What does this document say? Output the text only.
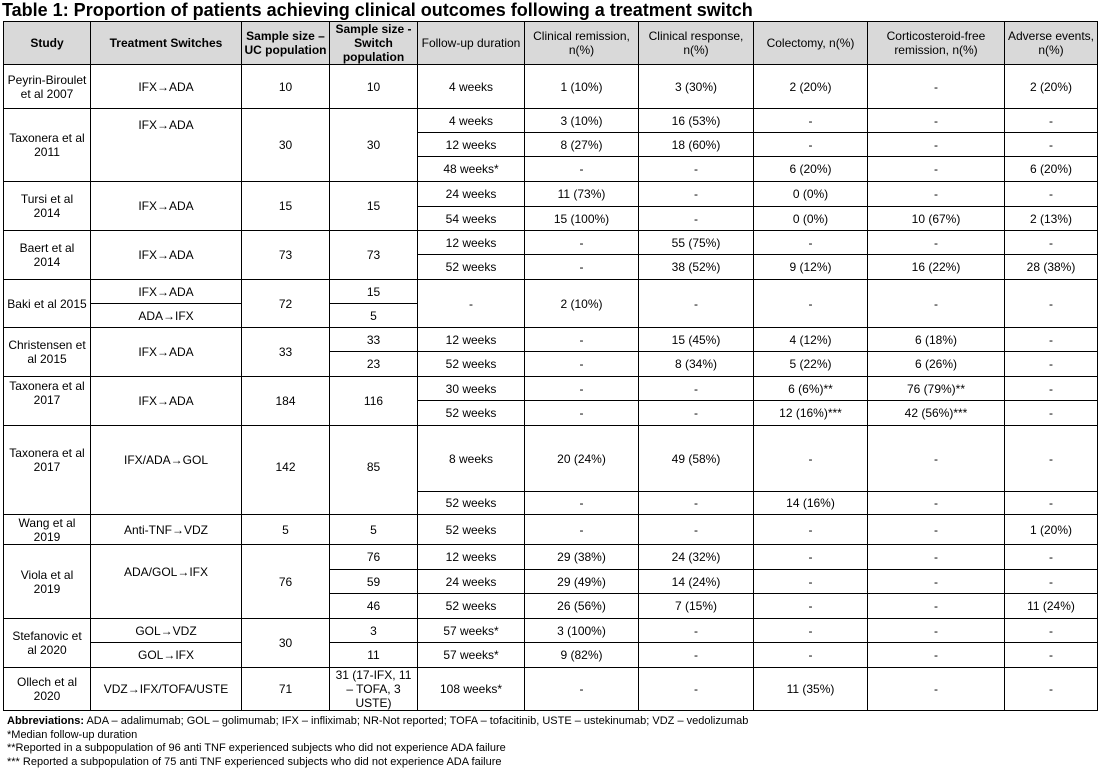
Table 1: Proportion of patients achieving clinical outcomes following a treatment switch
Study	Treatment Switches	Sample size – UC population	Sample size - Switch population	Follow-up duration	Clinical remission, n(%)	Clinical response, n(%)	Colectomy, n(%)	Corticosteroid-free remission, n(%)	Adverse events, n(%)
Peyrin-Biroulet et al 2007	IFX→ADA	10	10	4 weeks	1 (10%)	3 (30%)	2 (20%)	-	2 (20%)
Taxonera et al 2011	IFX→ADA	30	30	4 weeks	3 (10%)	16 (53%)	-	-	-
				12 weeks	8 (27%)	18 (60%)	-	-	-
				48 weeks*	-	-	6 (20%)	-	6 (20%)
Tursi et al 2014	IFX→ADA	15	15	24 weeks	11 (73%)	-	0 (0%)	-	-
				54 weeks	15 (100%)	-	0 (0%)	10 (67%)	2 (13%)
Baert et al 2014	IFX→ADA	73	73	12 weeks	-	55 (75%)	-	-	-
				52 weeks	-	38 (52%)	9 (12%)	16 (22%)	28 (38%)
Baki et al 2015	IFX→ADA	72	15	-	2 (10%)	-	-	-	-
	ADA→IFX		5						
Christensen et al 2015	IFX→ADA	33	33	12 weeks	-	15 (45%)	4 (12%)	6 (18%)	-
			23	52 weeks	-	8 (34%)	5 (22%)	6 (26%)	-
Taxonera et al 2017	IFX→ADA	184	116	30 weeks	-	-	6 (6%)**	76 (79%)**	-
				52 weeks	-	-	12 (16%)***	42 (56%)***	-
Taxonera et al 2017	IFX/ADA→GOL	142	85	8 weeks	20 (24%)	49 (58%)	-	-	-
				52 weeks	-	-	14 (16%)	-	-
Wang et al 2019	Anti-TNF→VDZ	5	5	52 weeks	-	-	-	-	1 (20%)
Viola et al 2019	ADA/GOL→IFX	76	76	12 weeks	29 (38%)	24 (32%)	-	-	-
			59	24 weeks	29 (49%)	14 (24%)	-	-	-
			46	52 weeks	26 (56%)	7 (15%)	-	-	11 (24%)
Stefanovic et al 2020	GOL→VDZ	30	3	57 weeks*	3 (100%)	-	-	-	-
	GOL→IFX		11	57 weeks*	9 (82%)	-	-	-	-
Ollech et al 2020	VDZ→IFX/TOFA/USTE	71	31 (17-IFX, 11 – TOFA, 3 USTE)	108 weeks*	-	-	11 (35%)	-	-
Abbreviations: ADA – adalimumab; GOL – golimumab; IFX – infliximab; NR-Not reported; TOFA – tofacitinib, USTE – ustekinumab; VDZ – vedolizumab
*Median follow-up duration
**Reported in a subpopulation of 96 anti TNF experienced subjects who did not experience ADA failure
*** Reported a subpopulation of 75 anti TNF experienced subjects who did not experience ADA failure
